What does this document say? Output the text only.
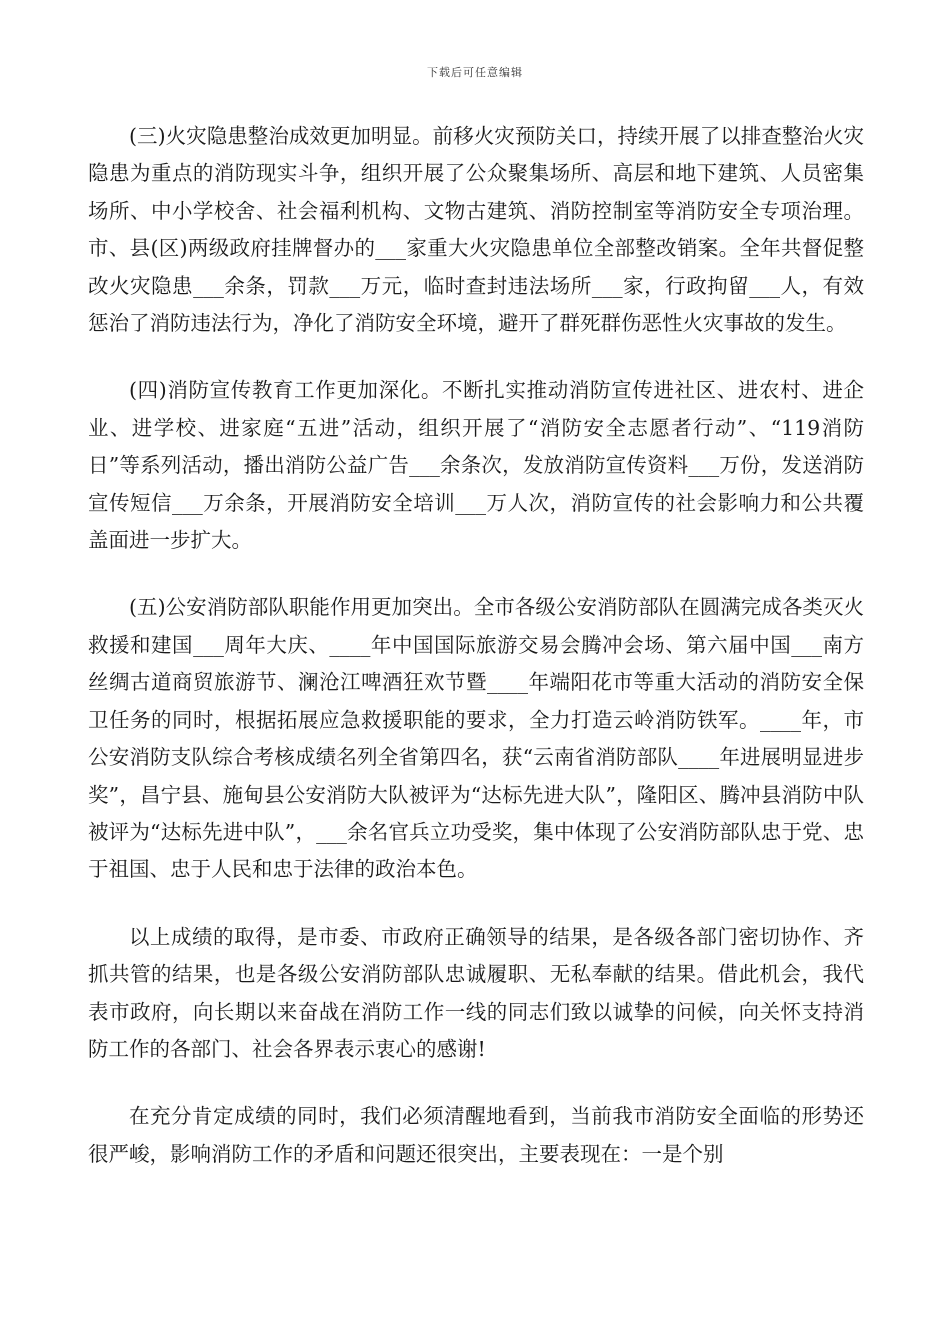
下载后可任意编辑

(三)火灾隐患整治成效更加明显。前移火灾预防关口，持续开展了以排查整治火灾隐患为重点的消防现实斗争，组织开展了公众聚集场所、高层和地下建筑、人员密集场所、中小学校舍、社会福利机构、文物古建筑、消防控制室等消防安全专项治理。市、县(区)两级政府挂牌督办的___家重大火灾隐患单位全部整改销案。全年共督促整改火灾隐患___余条，罚款___万元，临时查封违法场所___家，行政拘留___人，有效惩治了消防违法行为，净化了消防安全环境，避开了群死群伤恶性火灾事故的发生。

(四)消防宣传教育工作更加深化。不断扎实推动消防宣传进社区、进农村、进企业、进学校、进家庭“五进”活动，组织开展了“消防安全志愿者行动”、“119消防日”等系列活动，播出消防公益广告___余条次，发放消防宣传资料___万份，发送消防宣传短信___万余条，开展消防安全培训___万人次，消防宣传的社会影响力和公共覆盖面进一步扩大。

(五)公安消防部队职能作用更加突出。全市各级公安消防部队在圆满完成各类灭火救援和建国___周年大庆、____年中国国际旅游交易会腾冲会场、第六届中国___南方丝绸古道商贸旅游节、澜沧江啤酒狂欢节暨____年端阳花市等重大活动的消防安全保卫任务的同时，根据拓展应急救援职能的要求，全力打造云岭消防铁军。____年，市公安消防支队综合考核成绩名列全省第四名，获“云南省消防部队____年进展明显进步奖”，昌宁县、施甸县公安消防大队被评为“达标先进大队”，隆阳区、腾冲县消防中队被评为“达标先进中队”，___余名官兵立功受奖，集中体现了公安消防部队忠于党、忠于祖国、忠于人民和忠于法律的政治本色。

以上成绩的取得，是市委、市政府正确领导的结果，是各级各部门密切协作、齐抓共管的结果，也是各级公安消防部队忠诚履职、无私奉献的结果。借此机会，我代表市政府，向长期以来奋战在消防工作一线的同志们致以诚挚的问候，向关怀支持消防工作的各部门、社会各界表示衷心的感谢!

在充分肯定成绩的同时，我们必须清醒地看到，当前我市消防安全面临的形势还很严峻，影响消防工作的矛盾和问题还很突出，主要表现在：一是个别
